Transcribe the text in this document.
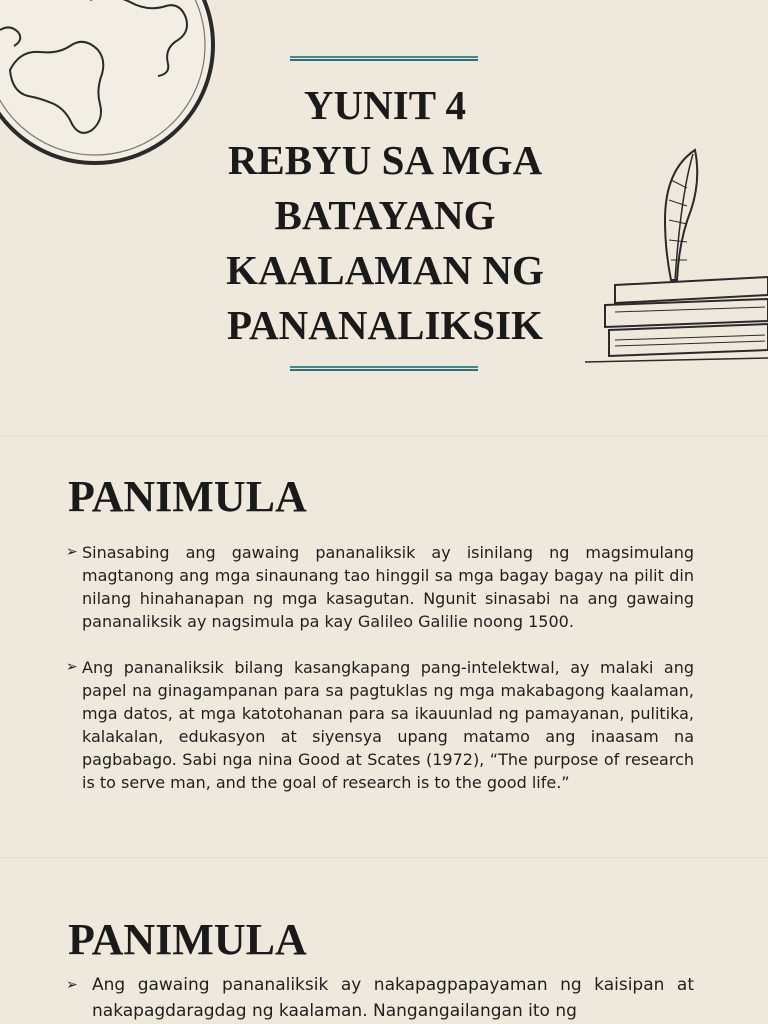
YUNIT 4
REBYU SA MGA
BATAYANG
KAALAMAN NG
PANANALIKSIK
PANIMULA
➢ Sinasabing ang gawaing pananaliksik ay isinilang ng magsimulang magtanong ang mga sinaunang tao hinggil sa mga bagay bagay na pilit din nilang hinahanapan ng mga kasagutan. Ngunit sinasabi na ang gawaing pananaliksik ay nagsimula pa kay Galileo Galilie noong 1500.
➢ Ang pananaliksik bilang kasangkapang pang-intelektwal, ay malaki ang papel na ginagampanan para sa pagtuklas ng mga makabagong kaalaman, mga datos, at mga katotohanan para sa ikauunlad ng pamayanan, pulitika, kalakalan, edukasyon at siyensya upang matamo ang inaasam na pagbabago. Sabi nga nina Good at Scates (1972), “The purpose of research is to serve man, and the goal of research is to the good life.”
PANIMULA
➢ Ang gawaing pananaliksik ay nakapagpapayaman ng kaisipan at nakapagdaragdag ng kaalaman. Nangangailangan ito ng
